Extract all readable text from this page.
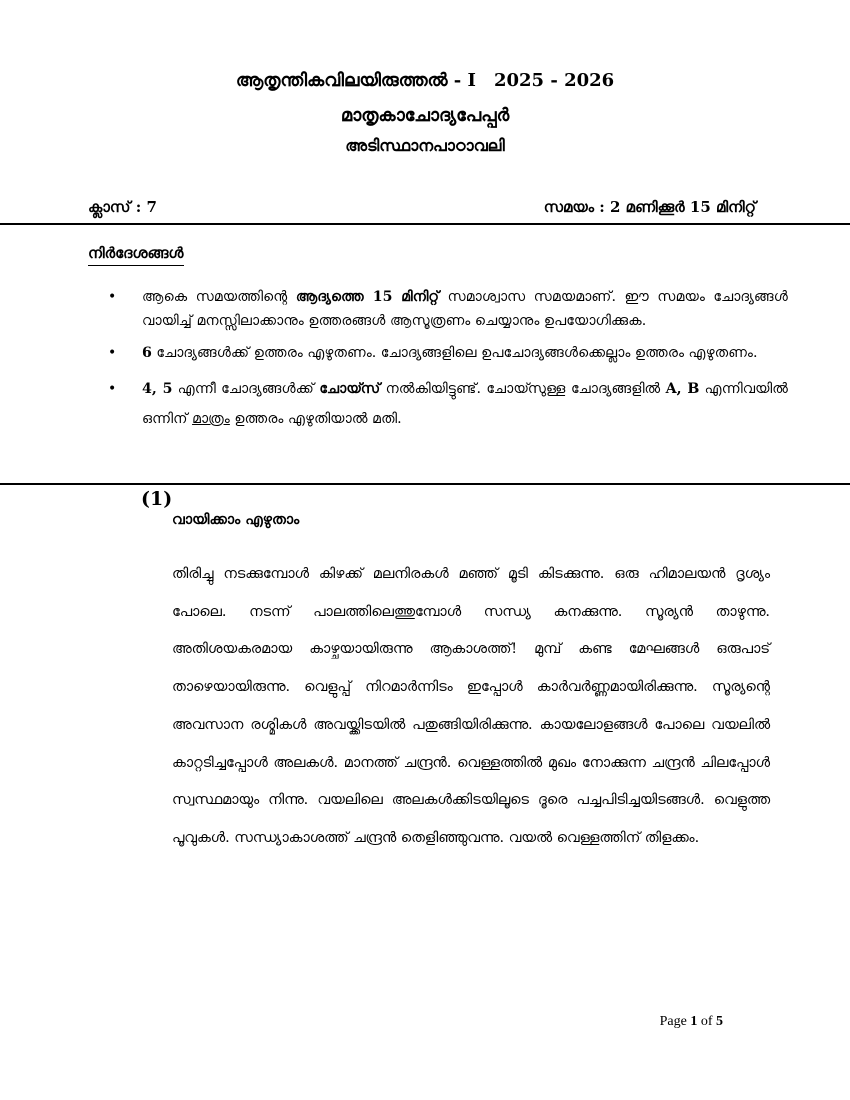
ആതൃന്തികവിലയിരുത്തൽ - I 2025 - 2026
മാതൃകാചോദ്യപേപ്പർ
അടിസ്ഥാനപാഠാവലി
ക്ലാസ് : 7	സമയം : 2 മണിക്കൂർ 15 മിനിറ്റ്
നിർദേശങ്ങൾ
• ആകെ സമയത്തിന്റെ ആദ്യത്തെ 15 മിനിറ്റ് സമാശ്വാസ സമയമാണ്. ഈ സമയം ചോദ്യങ്ങൾ വായിച്ച് മനസ്സിലാക്കാനും ഉത്തരങ്ങൾ ആസൂത്രണം ചെയ്യാനും ഉപയോഗിക്കുക.
• 6 ചോദ്യങ്ങൾക്ക് ഉത്തരം എഴുതണം. ചോദ്യങ്ങളിലെ ഉപചോദ്യങ്ങൾക്കെല്ലാം ഉത്തരം എഴുതണം.
• 4, 5 എന്നീ ചോദ്യങ്ങൾക്ക് ചോയ്സ് നൽകിയിട്ടുണ്ട്. ചോയ്സുള്ള ചോദ്യങ്ങളിൽ A, B എന്നിവയിൽ ഒന്നിന് മാത്രം ഉത്തരം എഴുതിയാൽ മതി.
(1)
വായിക്കാം എഴുതാം
തിരിച്ചു നടക്കുമ്പോൾ കിഴക്ക് മലനിരകൾ മഞ്ഞ് മൂടി കിടക്കുന്നു. ഒരു ഹിമാലയൻ ദൃശ്യം പോലെ. നടന്ന് പാലത്തിലെത്തുമ്പോൾ സന്ധ്യ കനക്കുന്നു. സൂര്യൻ താഴുന്നു. അതിശയകരമായ കാഴ്ചയായിരുന്നു ആകാശത്ത്! മുമ്പ് കണ്ട മേഘങ്ങൾ ഒരുപാട് താഴെയായിരുന്നു. വെളുപ്പ് നിറമാർന്നിടം ഇപ്പോൾ കാർവർണ്ണമായിരിക്കുന്നു. സൂര്യന്റെ അവസാന രശ്മികൾ അവയ്ക്കിടയിൽ പതുങ്ങിയിരിക്കുന്നു. കായലോളങ്ങൾ പോലെ വയലിൽ കാറ്റടിച്ചപ്പോൾ അലകൾ. മാനത്ത് ചന്ദ്രൻ. വെള്ളത്തിൽ മുഖം നോക്കുന്ന ചന്ദ്രൻ ചിലപ്പോൾ സ്വസ്ഥമായും നിന്നു. വയലിലെ അലകൾക്കിടയിലൂടെ ദൂരെ പച്ചപിടിച്ചയിടങ്ങൾ. വെളുത്ത പൂവുകൾ. സന്ധ്യാകാശത്ത് ചന്ദ്രൻ തെളിഞ്ഞുവന്നു. വയൽ വെള്ളത്തിന് തിളക്കം.
Page 1 of 5
